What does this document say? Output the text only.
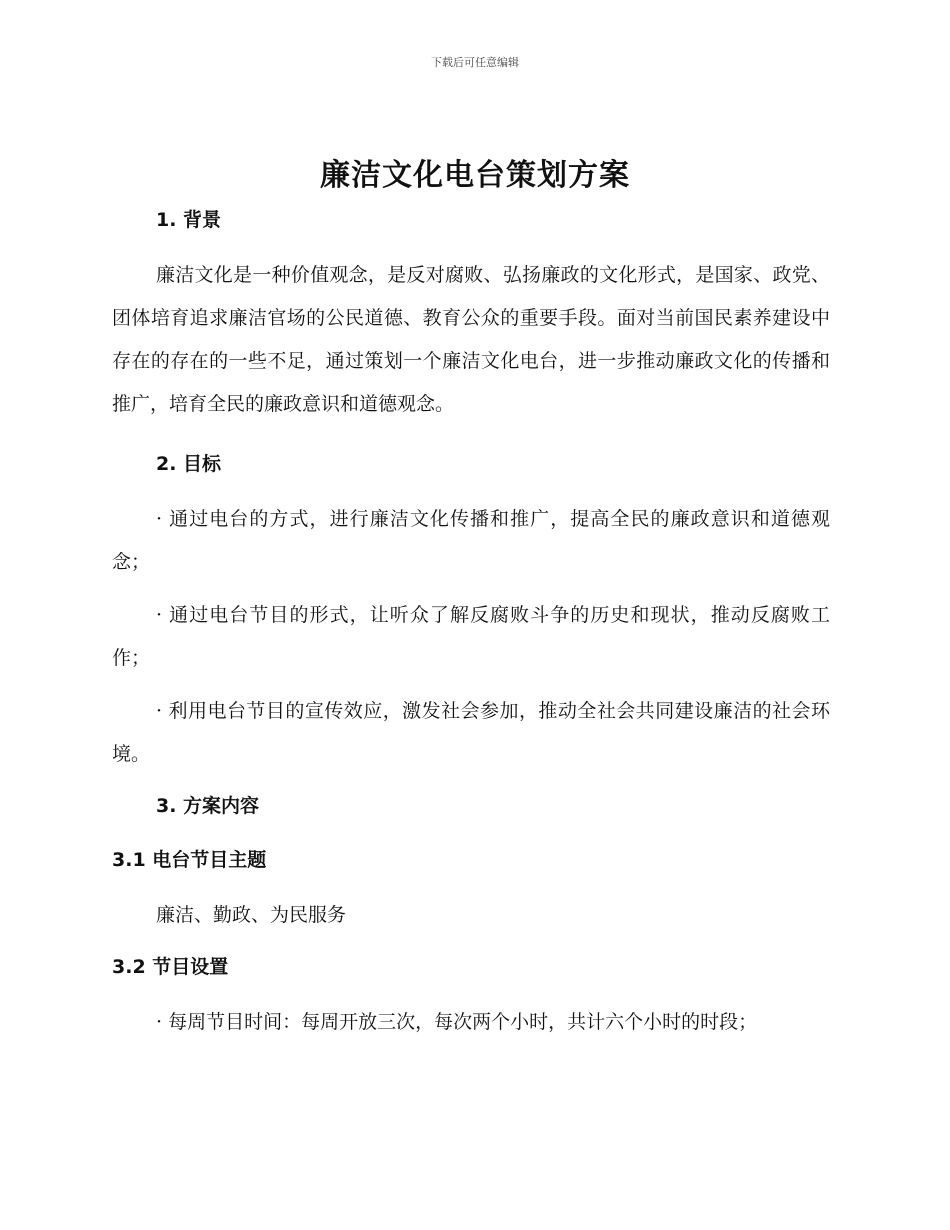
下载后可任意编辑
廉洁文化电台策划方案
1. 背景
廉洁文化是一种价值观念，是反对腐败、弘扬廉政的文化形式，是国家、政党、团体培育追求廉洁官场的公民道德、教育公众的重要手段。面对当前国民素养建设中存在的存在的一些不足，通过策划一个廉洁文化电台，进一步推动廉政文化的传播和推广，培育全民的廉政意识和道德观念。
2. 目标
· 通过电台的方式，进行廉洁文化传播和推广，提高全民的廉政意识和道德观念；
· 通过电台节目的形式，让听众了解反腐败斗争的历史和现状，推动反腐败工作；
· 利用电台节目的宣传效应，激发社会参加，推动全社会共同建设廉洁的社会环境。
3. 方案内容
3.1 电台节目主题
廉洁、勤政、为民服务
3.2 节目设置
· 每周节目时间：每周开放三次，每次两个小时，共计六个小时的时段；
